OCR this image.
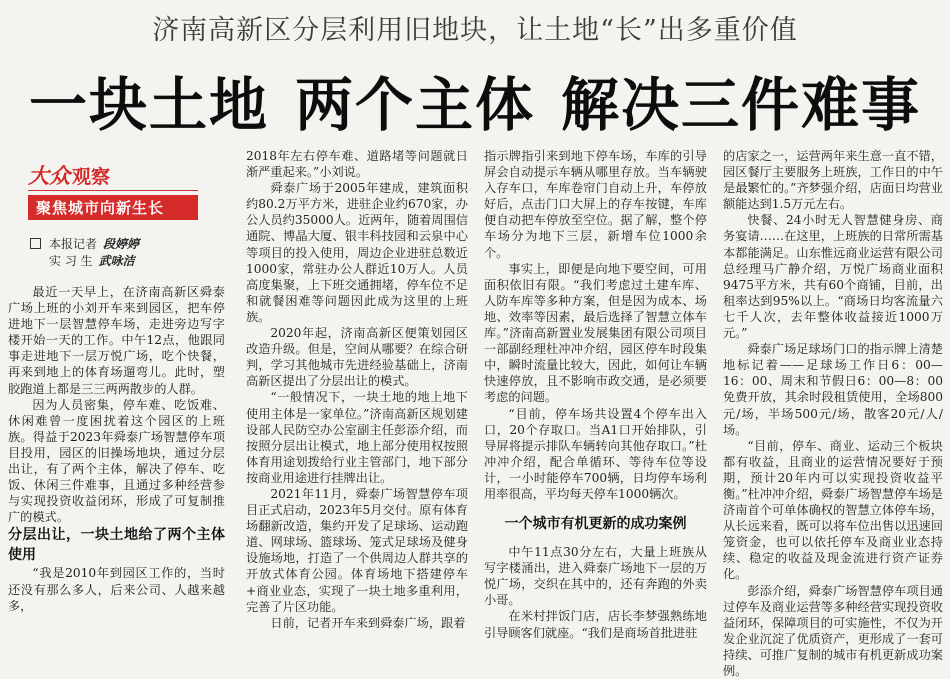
济南高新区分层利用旧地块，让土地“长”出多重价值
一块土地 两个主体 解决三件难事
大众 观察
聚焦城市向新生长
本报记者 段婷婷
实 习 生 武咏洁

最近一天早上，在济南高新区舜泰广场上班的小刘开车来到园区，把车停进地下一层智慧停车场，走进旁边写字楼开始一天的工作。中午12点，他跟同事走进地下一层万悦广场，吃个快餐，再来到地上的体育场遛弯儿。此时，塑胶跑道上都是三三两两散步的人群。

因为人员密集，停车难、吃饭难、休闲难曾一度困扰着这个园区的上班族。得益于2023年舜泰广场智慧停车项目投用，园区的旧操场地块，通过分层出让，有了两个主体，解决了停车、吃饭、休闲三件难事，且通过多种经营参与实现投资收益闭环，形成了可复制推广的模式。

分层出让，一块土地给了两个主体使用

“我是2010年到园区工作的，当时还没有那么多人，后来公司、人越来越多，

2018年左右停车难、道路堵等问题就日渐严重起来。”小刘说。

舜泰广场于2005年建成，建筑面积约80.2万平方米，进驻企业约670家，办公人员约35000人。近两年，随着周围信通院、博晶大厦、银丰科技园和云泉中心等项目的投入使用，周边企业进驻总数近1000家，常驻办公人群近10万人。人员高度集聚，上下班交通拥堵，停车位不足和就餐困难等问题因此成为这里的上班族。

2020年起，济南高新区便策划园区改造升级。但是，空间从哪要？在综合研判，学习其他城市先进经验基础上，济南高新区提出了分层出让的模式。

“一般情况下，一块土地的地上地下使用主体是一家单位。”济南高新区规划建设部人民防空办公室副主任彭添介绍，而按照分层出让模式，地上部分使用权按照体育用途划拨给行业主管部门，地下部分按商业用途进行挂牌出让。

2021年11月，舜泰广场智慧停车项目正式启动，2023年5月交付。原有体育场翻新改造，集约开发了足球场、运动跑道、网球场、篮球场、笼式足球场及健身设施场地，打造了一个供周边人群共享的开放式体育公园。体育场地下搭建停车+商业业态，实现了一块土地多重利用，完善了片区功能。

日前，记者开车来到舜泰广场，跟着

指示牌指引来到地下停车场，车库的引导屏会自动提示车辆从哪里存放。当车辆驶入存车口，车库卷帘门自动上升，车停放好后，点击门口大屏上的存车按键，车库便自动把车停放至空位。据了解，整个停车场分为地下三层，新增车位1000余个。

事实上，即便是向地下要空间，可用面积依旧有限。“我们考虑过土建车库、人防车库等多种方案，但是因为成本、场地、效率等因素，最后选择了智慧立体车库。”济南高新置业发展集团有限公司项目一部副经理杜冲冲介绍，园区停车时段集中，瞬时流量比较大，因此，如何让车辆快速停放，且不影响市政交通，是必须要考虑的问题。

“目前，停车场共设置4个停车出入口，20个存取口。当A1口开始排队，引导屏将提示排队车辆转向其他存取口。”杜冲冲介绍，配合单循环、等待车位等设计，一小时能停车700辆，日均停车场利用率很高，平均每天停车1000辆次。

一个城市有机更新的成功案例

中午11点30分左右，大量上班族从写字楼涌出，进入舜泰广场地下一层的万悦广场，交织在其中的，还有奔跑的外卖小哥。

在米村拌饭门店，店长李梦强熟练地引导顾客们就座。“我们是商场首批进驻

的店家之一，运营两年来生意一直不错，园区餐厅主要服务上班族，工作日的中午是最繁忙的。”齐梦强介绍，店面日均营业额能达到1.5万元左右。

快餐、24小时无人智慧健身房、商务宴请……在这里，上班族的日常所需基本都能满足。山东惟远商业运营有限公司总经理马广静介绍，万悦广场商业面积9475平方米，共有60个商铺，目前，出租率达到95%以上。“商场日均客流量六七千人次，去年整体收益接近1000万元。”

舜泰广场足球场门口的指示牌上清楚地标记着——足球场工作日6：00—16：00、周末和节假日6：00—8：00免费开放，其余时段租赁使用，全场800元/场，半场500元/场，散客20元/人/场。

“目前，停车、商业、运动三个板块都有收益，且商业的运营情况要好于预期，预计20年内可以实现投资收益平衡。”杜冲冲介绍，舜泰广场智慧停车场是济南首个可单体确权的智慧立体停车场，从长远来看，既可以将车位出售以迅速回笼资金，也可以依托停车及商业业态持续、稳定的收益及现金流进行资产证券化。

彭添介绍，舜泰广场智慧停车项目通过停车及商业运营等多种经营实现投资收益闭环，保障项目的可实施性，不仅为开发企业沉淀了优质资产，更形成了一套可持续、可推广复制的城市有机更新成功案例。
